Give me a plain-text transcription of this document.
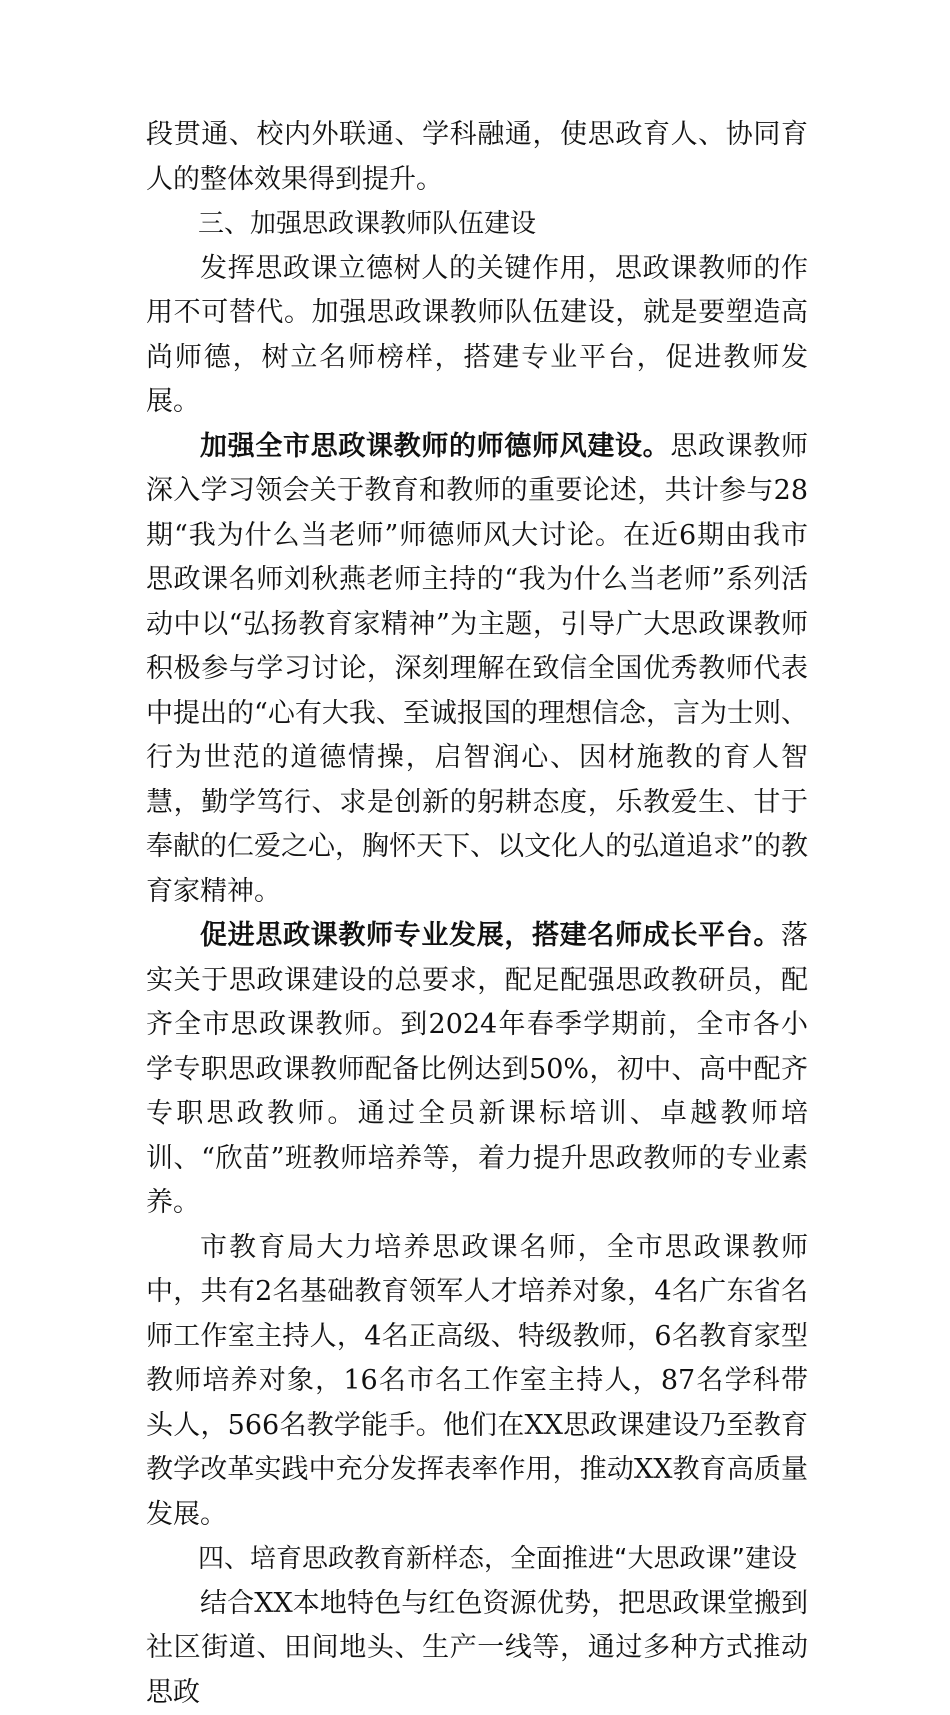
段贯通、校内外联通、学科融通，使思政育人、协同育人的整体效果得到提升。

三、加强思政课教师队伍建设

发挥思政课立德树人的关键作用，思政课教师的作用不可替代。加强思政课教师队伍建设，就是要塑造高尚师德，树立名师榜样，搭建专业平台，促进教师发展。

加强全市思政课教师的师德师风建设。思政课教师深入学习领会关于教育和教师的重要论述，共计参与28期“我为什么当老师”师德师风大讨论。在近6期由我市思政课名师刘秋燕老师主持的“我为什么当老师”系列活动中以“弘扬教育家精神”为主题，引导广大思政课教师积极参与学习讨论，深刻理解在致信全国优秀教师代表中提出的“心有大我、至诚报国的理想信念，言为士则、行为世范的道德情操，启智润心、因材施教的育人智慧，勤学笃行、求是创新的躬耕态度，乐教爱生、甘于奉献的仁爱之心，胸怀天下、以文化人的弘道追求”的教育家精神。

促进思政课教师专业发展，搭建名师成长平台。落实关于思政课建设的总要求，配足配强思政教研员，配齐全市思政课教师。到2024年春季学期前，全市各小学专职思政课教师配备比例达到50%，初中、高中配齐专职思政教师。通过全员新课标培训、卓越教师培训、“欣苗”班教师培养等，着力提升思政教师的专业素养。

市教育局大力培养思政课名师，全市思政课教师中，共有2名基础教育领军人才培养对象，4名广东省名师工作室主持人，4名正高级、特级教师，6名教育家型教师培养对象，16名市名工作室主持人，87名学科带头人，566名教学能手。他们在XX思政课建设乃至教育教学改革实践中充分发挥表率作用，推动XX教育高质量发展。

四、培育思政教育新样态，全面推进“大思政课”建设

结合XX本地特色与红色资源优势，把思政课堂搬到社区街道、田间地头、生产一线等，通过多种方式推动思政
